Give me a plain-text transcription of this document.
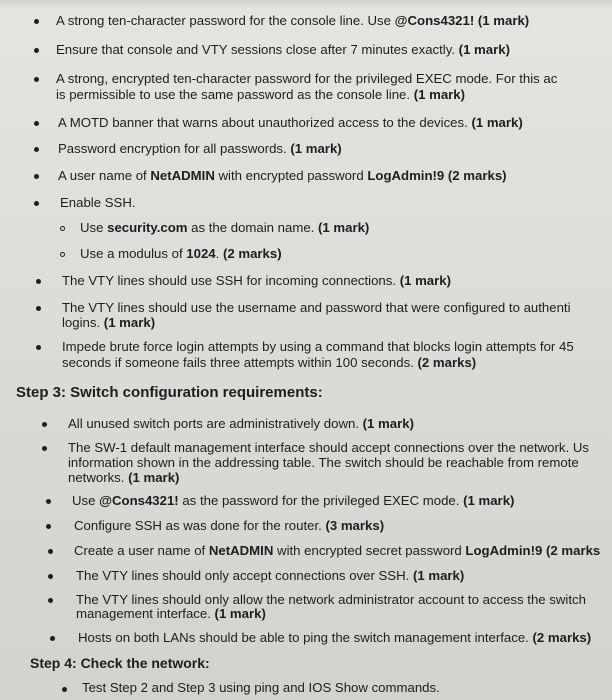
A strong ten-character password for the console line. Use @Cons4321! (1 mark)
Ensure that console and VTY sessions close after 7 minutes exactly. (1 mark)
A strong, encrypted ten-character password for the privileged EXEC mode. For this ac
is permissible to use the same password as the console line. (1 mark)
A MOTD banner that warns about unauthorized access to the devices. (1 mark)
Password encryption for all passwords. (1 mark)
A user name of NetADMIN with encrypted password LogAdmin!9 (2 marks)
Enable SSH.
Use security.com as the domain name. (1 mark)
Use a modulus of 1024. (2 marks)
The VTY lines should use SSH for incoming connections. (1 mark)
The VTY lines should use the username and password that were configured to authenti
logins. (1 mark)
Impede brute force login attempts by using a command that blocks login attempts for 45
seconds if someone fails three attempts within 100 seconds. (2 marks)
Step 3: Switch configuration requirements:
All unused switch ports are administratively down. (1 mark)
The SW-1 default management interface should accept connections over the network. Us
information shown in the addressing table. The switch should be reachable from remote
networks. (1 mark)
Use @Cons4321! as the password for the privileged EXEC mode. (1 mark)
Configure SSH as was done for the router. (3 marks)
Create a user name of NetADMIN with encrypted secret password LogAdmin!9 (2 marks
The VTY lines should only accept connections over SSH. (1 mark)
The VTY lines should only allow the network administrator account to access the switch
management interface. (1 mark)
Hosts on both LANs should be able to ping the switch management interface. (2 marks)
Step 4: Check the network:
Test Step 2 and Step 3 using ping and IOS Show commands.
